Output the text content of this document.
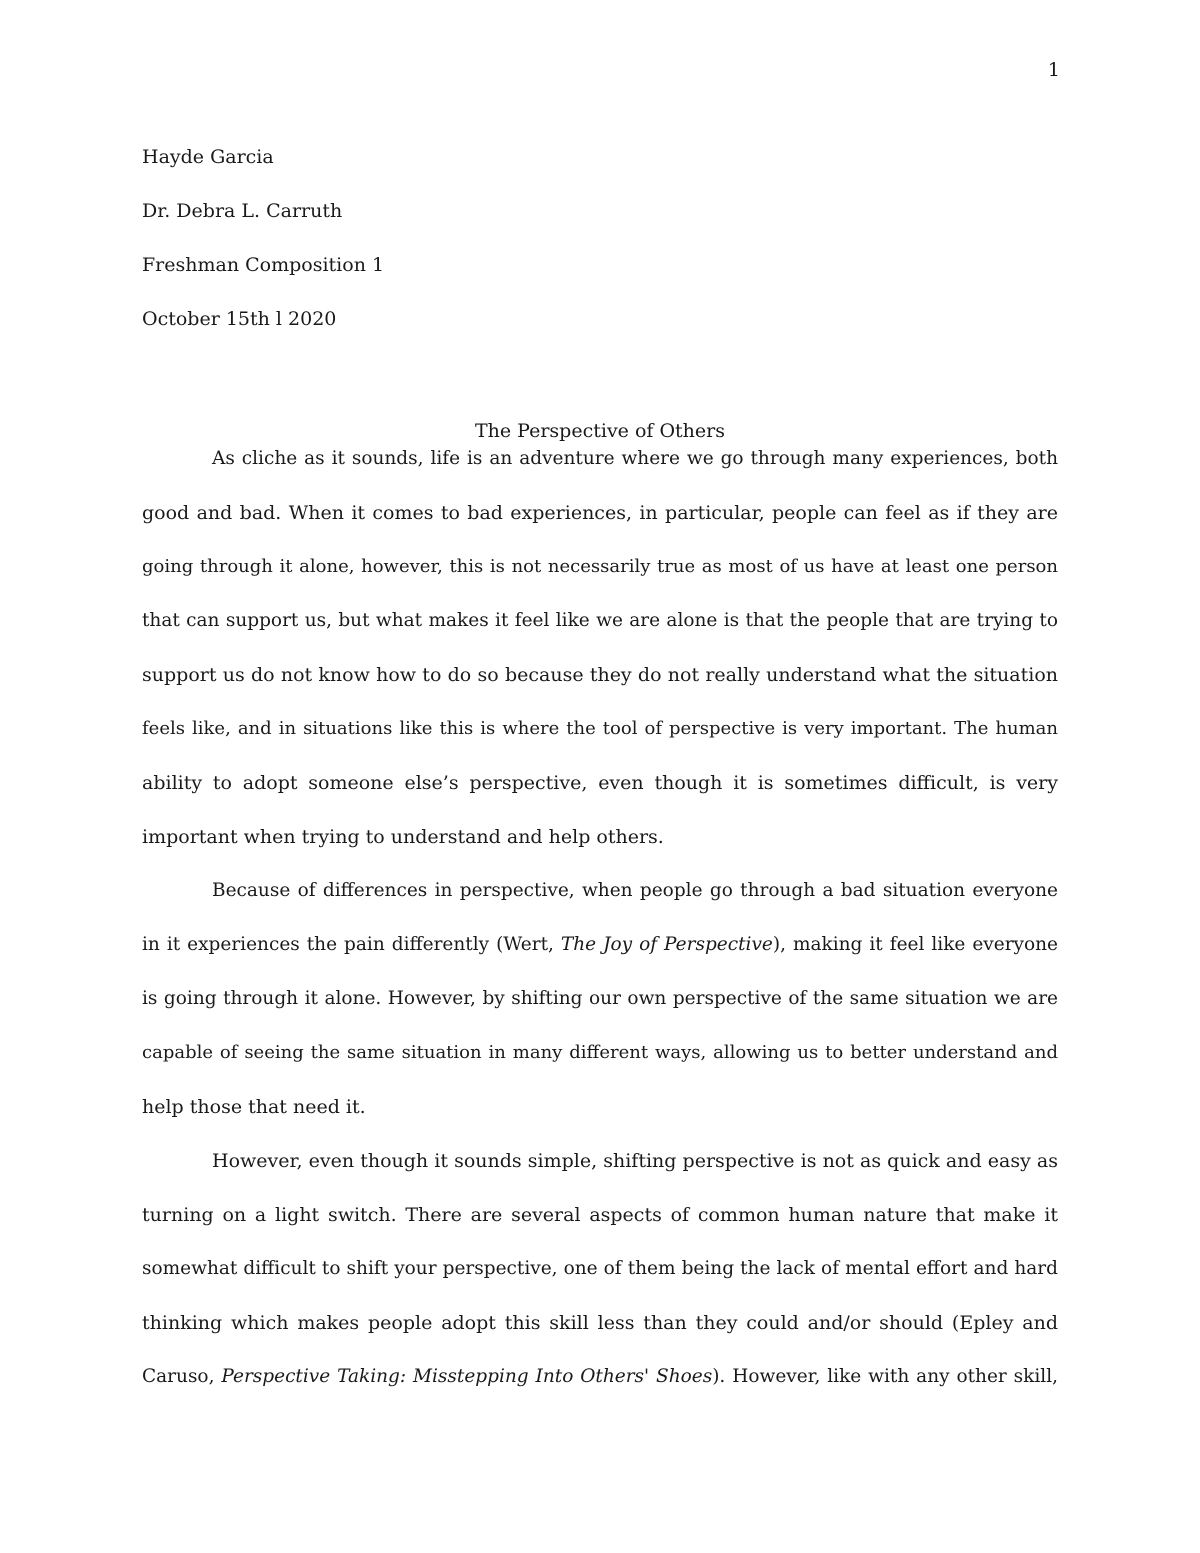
1
Hayde Garcia
Dr. Debra L. Carruth
Freshman Composition 1
October 15th l 2020
The Perspective of Others
As cliche as it sounds, life is an adventure where we go through many experiences, both
good and bad. When it comes to bad experiences, in particular, people can feel as if they are
going through it alone, however, this is not necessarily true as most of us have at least one person
that can support us, but what makes it feel like we are alone is that the people that are trying to
support us do not know how to do so because they do not really understand what the situation
feels like, and in situations like this is where the tool of perspective is very important. The human
ability to adopt someone else’s perspective, even though it is sometimes difficult, is very
important when trying to understand and help others.
Because of differences in perspective, when people go through a bad situation everyone
in it experiences the pain differently (Wert, The Joy of Perspective), making it feel like everyone
is going through it alone. However, by shifting our own perspective of the same situation we are
capable of seeing the same situation in many different ways, allowing us to better understand and
help those that need it.
However, even though it sounds simple, shifting perspective is not as quick and easy as
turning on a light switch. There are several aspects of common human nature that make it
somewhat difficult to shift your perspective, one of them being the lack of mental effort and hard
thinking which makes people adopt this skill less than they could and/or should (Epley and
Caruso, Perspective Taking: Misstepping Into Others' Shoes). However, like with any other skill,
